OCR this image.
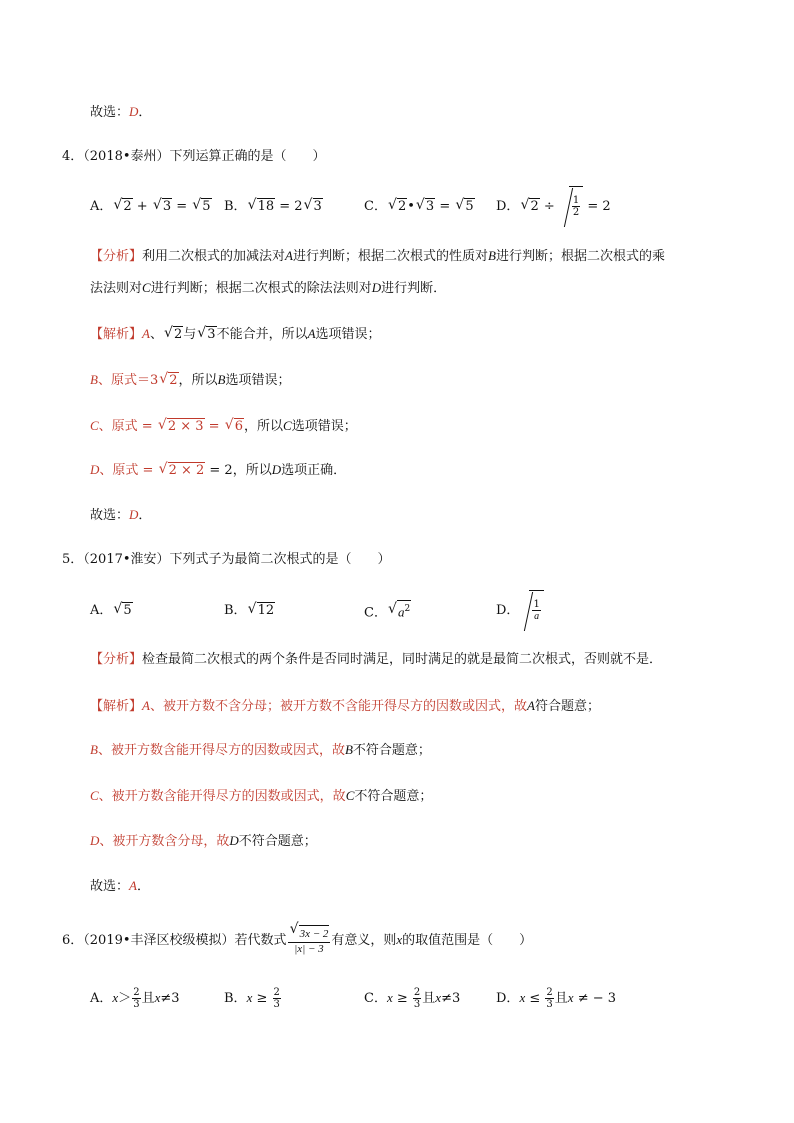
故选：D．
4．（2018•泰州）下列运算正确的是（　　）
A． √ 2 + √ 3 = √ 5 B． √ 18 = 2 √ 3	C． √ 2• √ 3 = √ 5 D． √ $2 \div \frac{1}{2} = 2$
【分析】利用二次根式的加减法对A进行判断；根据二次根式的性质对B进行判断；根据二次根式的乘
法法则对C进行判断；根据二次根式的除法法则对D进行判断．
【解析】A、 √ 2与 √ 3不能合并，所以A选项错误；
B、原式＝3 √ 2，所以B选项错误；
C、原式 = √ 2 × 3 = √ 6，所以C选项错误；
D、原式 = √ 2 × 2 = 2，所以D选项正确．
故选：D．
5．（2017•淮安）下列式子为最简二次根式的是（　　）
A． √ 5	B． √ 12	C． √ $a^2$	D． $\frac{1}{a}$
【分析】检查最简二次根式的两个条件是否同时满足，同时满足的就是最简二次根式，否则就不是．
【解析】A、被开方数不含分母；被开方数不含能开得尽方的因数或因式，故A符合题意；
B、被开方数含能开得尽方的因数或因式，故B不符合题意；
C、被开方数含能开得尽方的因数或因式，故C不符合题意；
D、被开方数含分母，故D不符合题意；
故选：A．
6．（2019•丰泽区校级模拟）若代数式 √ $\frac{3x - 2}{|x| - 3}$ 有意义，则x的取值范围是（　　）
A．$x> \frac{2}{3}$ 且x≠3	B．$x \ge \frac{2}{3}$	C．$x \ge \frac{2}{3}$ 且x≠3	D．$x \le \frac{2}{3}$ 且x ≠ − 3
